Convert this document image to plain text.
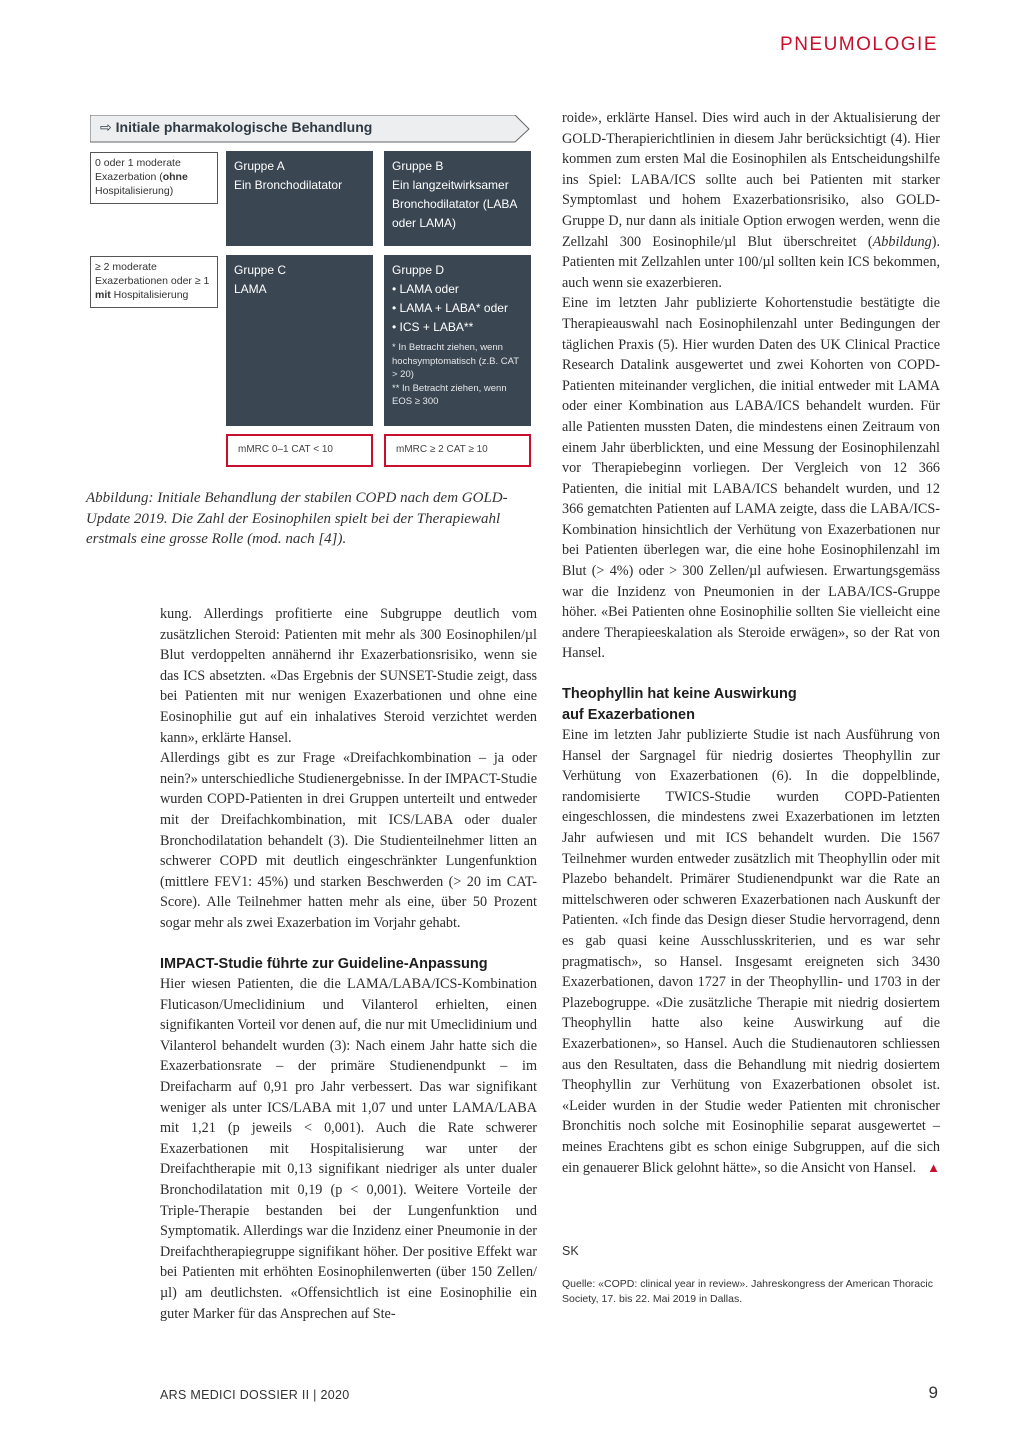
PNEUMOLOGIE
⇨ Initiale pharmakologische Behandlung
0 oder 1 moderate Exazerbation (ohne Hospitalisierung)
≥ 2 moderate Exazerbationen oder ≥ 1 mit Hospitalisierung
Gruppe A
Ein Bronchodilatator
Gruppe B
Ein langzeitwirksamer Bronchodilatator (LABA oder LAMA)
Gruppe C
LAMA
Gruppe D
• LAMA oder
• LAMA + LABA* oder
• ICS + LABA**
* In Betracht ziehen, wenn hochsymptomatisch (z.B. CAT > 20)
** In Betracht ziehen, wenn EOS ≥ 300
mMRC 0–1 CAT < 10	mMRC ≥ 2 CAT ≥ 10
Abbildung: Initiale Behandlung der stabilen COPD nach dem GOLD-Update 2019. Die Zahl der Eosinophilen spielt bei der Therapiewahl erstmals eine grosse Rolle (mod. nach [4]).

kung. Allerdings profitierte eine Subgruppe deutlich vom zusätzlichen Steroid: Patienten mit mehr als 300 Eosinophilen/µl Blut verdoppelten annähernd ihr Exazerbationsrisiko, wenn sie das ICS absetzten. «Das Ergebnis der SUNSET-Studie zeigt, dass bei Patienten mit nur wenigen Exazerbationen und ohne eine Eosinophilie gut auf ein inhalatives Steroid verzichtet werden kann», erklärte Hansel.

Allerdings gibt es zur Frage «Dreifachkombination – ja oder nein?» unterschiedliche Studienergebnisse. In der IMPACT-Studie wurden COPD-Patienten in drei Gruppen unterteilt und entweder mit der Dreifachkombination, mit ICS/LABA oder dualer Bronchodilatation behandelt (3). Die Studienteilnehmer litten an schwerer COPD mit deutlich eingeschränkter Lungenfunktion (mittlere FEV1: 45%) und starken Beschwerden (> 20 im CAT-Score). Alle Teilnehmer hatten mehr als eine, über 50 Prozent sogar mehr als zwei Exazerbation im Vorjahr gehabt.

IMPACT-Studie führte zur Guideline-Anpassung

Hier wiesen Patienten, die die LAMA/LABA/ICS-Kombination Fluticason/Umeclidinium und Vilanterol erhielten, einen signifikanten Vorteil vor denen auf, die nur mit Umeclidinium und Vilanterol behandelt wurden (3): Nach einem Jahr hatte sich die Exazerbationsrate – der primäre Studienendpunkt – im Dreifacharm auf 0,91 pro Jahr verbessert. Das war signifikant weniger als unter ICS/LABA mit 1,07 und unter LAMA/LABA mit 1,21 (p jeweils < 0,001). Auch die Rate schwerer Exazerbationen mit Hospitalisierung war unter der Dreifachtherapie mit 0,13 signifikant niedriger als unter dualer Bronchodilatation mit 0,19 (p < 0,001). Weitere Vorteile der Triple-Therapie bestanden bei der Lungenfunktion und Symptomatik. Allerdings war die Inzidenz einer Pneumonie in der Dreifachtherapiegruppe signifikant höher. Der positive Effekt war bei Patienten mit erhöhten Eosinophilenwerten (über 150 Zellen/µl) am deutlichsten. «Offensichtlich ist eine Eosinophilie ein guter Marker für das Ansprechen auf Ste-

roide», erklärte Hansel. Dies wird auch in der Aktualisierung der GOLD-Therapierichtlinien in diesem Jahr berücksichtigt (4). Hier kommen zum ersten Mal die Eosinophilen als Entscheidungshilfe ins Spiel: LABA/ICS sollte auch bei Patienten mit starker Symptomlast und hohem Exazerbationsrisiko, also GOLD-Gruppe D, nur dann als initiale Option erwogen werden, wenn die Zellzahl 300 Eosinophile/µl Blut überschreitet (Abbildung). Patienten mit Zellzahlen unter 100/µl sollten kein ICS bekommen, auch wenn sie exazerbieren.

Eine im letzten Jahr publizierte Kohortenstudie bestätigte die Therapieauswahl nach Eosinophilenzahl unter Bedingungen der täglichen Praxis (5). Hier wurden Daten des UK Clinical Practice Research Datalink ausgewertet und zwei Kohorten von COPD-Patienten miteinander verglichen, die initial entweder mit LAMA oder einer Kombination aus LABA/ICS behandelt wurden. Für alle Patienten mussten Daten, die mindestens einen Zeitraum von einem Jahr überblickten, und eine Messung der Eosinophilenzahl vor Therapiebeginn vorliegen. Der Vergleich von 12 366 Patienten, die initial mit LABA/ICS behandelt wurden, und 12 366 gematchten Patienten auf LAMA zeigte, dass die LABA/ICS-Kombination hinsichtlich der Verhütung von Exazerbationen nur bei Patienten überlegen war, die eine hohe Eosinophilenzahl im Blut (> 4%) oder > 300 Zellen/µl aufwiesen. Erwartungsgemäss war die Inzidenz von Pneumonien in der LABA/ICS-Gruppe höher. «Bei Patienten ohne Eosinophilie sollten Sie vielleicht eine andere Therapieeskalation als Steroide erwägen», so der Rat von Hansel.

Theophyllin hat keine Auswirkung
auf Exazerbationen

Eine im letzten Jahr publizierte Studie ist nach Ausführung von Hansel der Sargnagel für niedrig dosiertes Theophyllin zur Verhütung von Exazerbationen (6). In die doppelblinde, randomisierte TWICS-Studie wurden COPD-Patienten eingeschlossen, die mindestens zwei Exazerbationen im letzten Jahr aufwiesen und mit ICS behandelt wurden. Die 1567 Teilnehmer wurden entweder zusätzlich mit Theophyllin oder mit Plazebo behandelt. Primärer Studienendpunkt war die Rate an mittelschweren oder schweren Exazerbationen nach Auskunft der Patienten. «Ich finde das Design dieser Studie hervorragend, denn es gab quasi keine Ausschlusskriterien, und es war sehr pragmatisch», so Hansel. Insgesamt ereigneten sich 3430 Exazerbationen, davon 1727 in der Theophyllin- und 1703 in der Plazebogruppe. «Die zusätzliche Therapie mit niedrig dosiertem Theophyllin hatte also keine Auswirkung auf die Exazerbationen», so Hansel. Auch die Studienautoren schliessen aus den Resultaten, dass die Behandlung mit niedrig dosiertem Theophyllin zur Verhütung von Exazerbationen obsolet ist. «Leider wurden in der Studie weder Patienten mit chronischer Bronchitis noch solche mit Eosinophilie separat ausgewertet – meines Erachtens gibt es schon einige Subgruppen, auf die sich ein genauerer Blick gelohnt hätte», so die Ansicht von Hansel. ▲

SK
Quelle: «COPD: clinical year in review». Jahreskongress der American Thoracic Society, 17. bis 22. Mai 2019 in Dallas.
ARS MEDICI DOSSIER II | 2020	9
